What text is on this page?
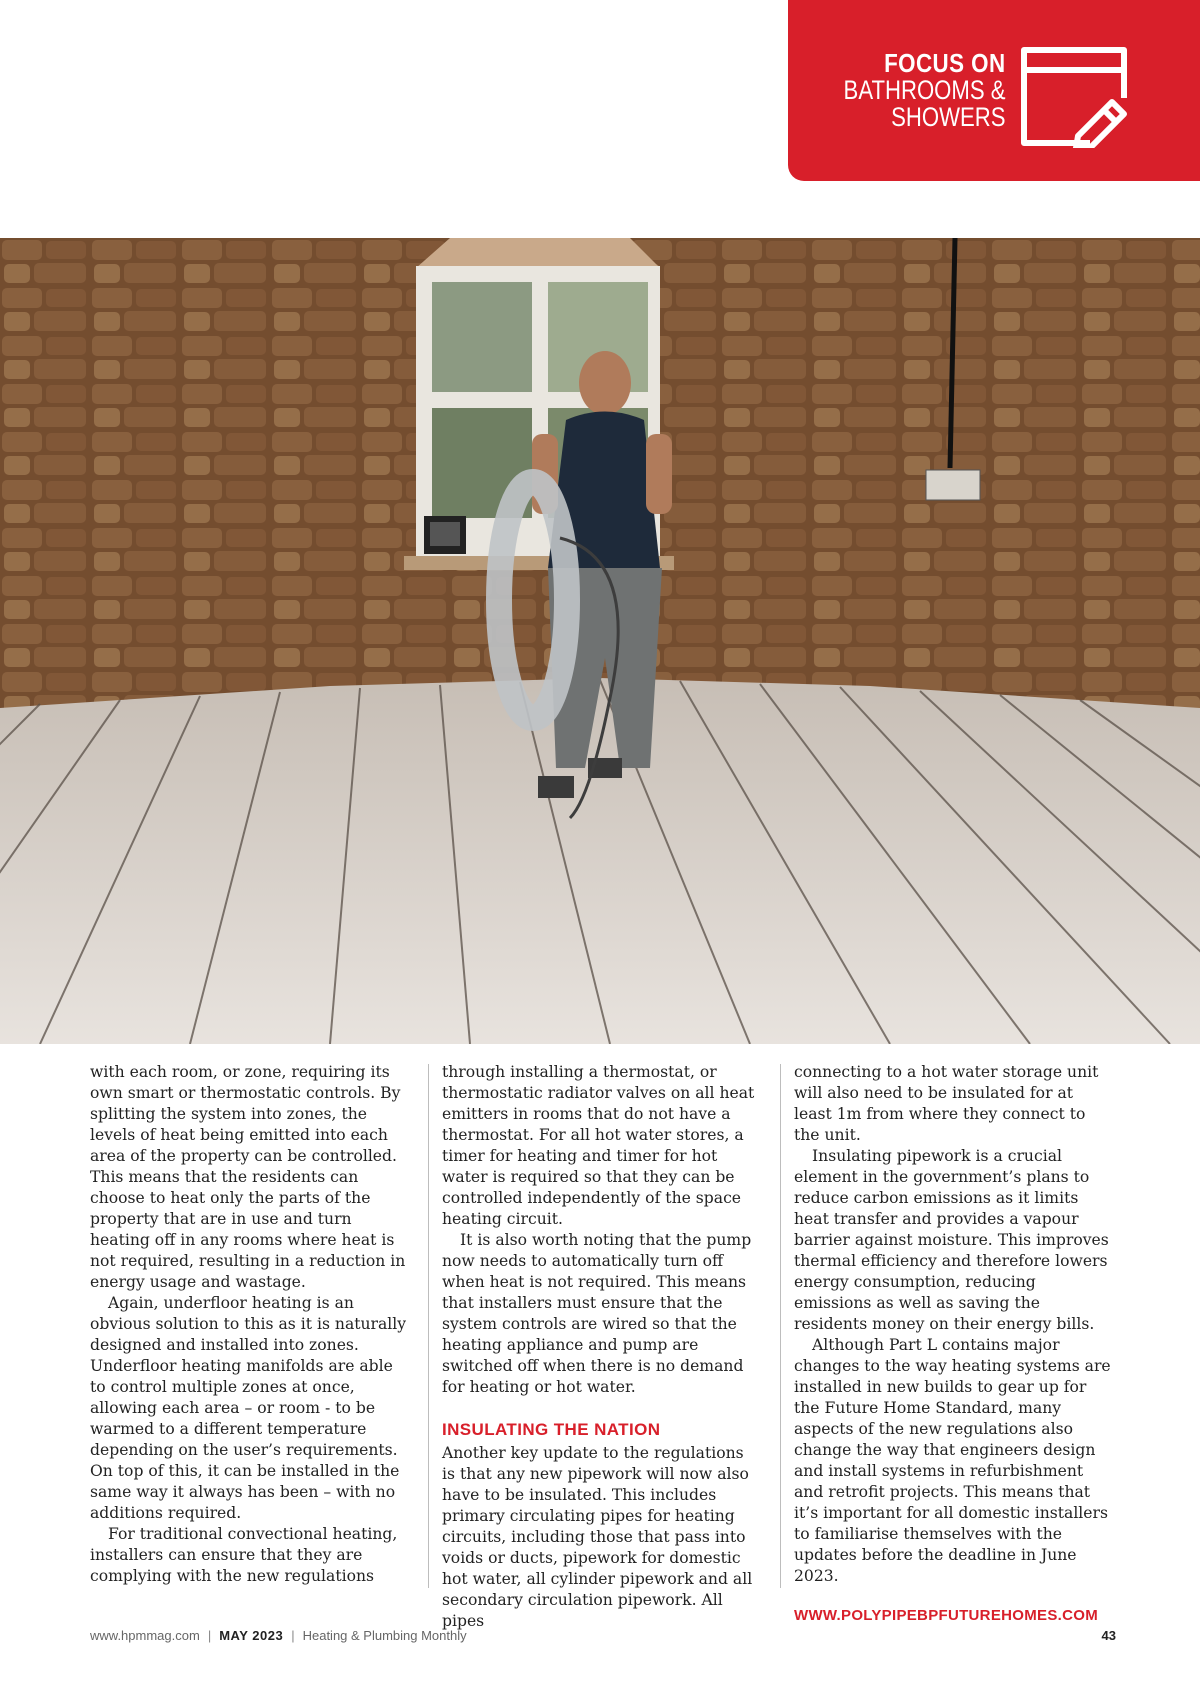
FOCUS ON
BATHROOMS &
SHOWERS

with each room, or zone, requiring its own smart or thermostatic controls. By splitting the system into zones, the levels of heat being emitted into each area of the property can be controlled. This means that the residents can choose to heat only the parts of the property that are in use and turn heating off in any rooms where heat is not required, resulting in a reduction in energy usage and wastage.

Again, underfloor heating is an obvious solution to this as it is naturally designed and installed into zones. Underfloor heating manifolds are able to control multiple zones at once, allowing each area – or room - to be warmed to a different temperature depending on the user’s requirements. On top of this, it can be installed in the same way it always has been – with no additions required.

For traditional convectional heating, installers can ensure that they are complying with the new regulations

through installing a thermostat, or thermostatic radiator valves on all heat emitters in rooms that do not have a thermostat. For all hot water stores, a timer for heating and timer for hot water is required so that they can be controlled independently of the space heating circuit.

It is also worth noting that the pump now needs to automatically turn off when heat is not required. This means that installers must ensure that the system controls are wired so that the heating appliance and pump are switched off when there is no demand for heating or hot water.

INSULATING THE NATION

Another key update to the regulations is that any new pipework will now also have to be insulated. This includes primary circulating pipes for heating circuits, including those that pass into voids or ducts, pipework for domestic hot water, all cylinder pipework and all secondary circulation pipework. All pipes

connecting to a hot water storage unit will also need to be insulated for at least 1m from where they connect to the unit.

Insulating pipework is a crucial element in the government’s plans to reduce carbon emissions as it limits heat transfer and provides a vapour barrier against moisture. This improves thermal efficiency and therefore lowers energy consumption, reducing emissions as well as saving the residents money on their energy bills.

Although Part L contains major changes to the way heating systems are installed in new builds to gear up for the Future Home Standard, many aspects of the new regulations also change the way that engineers design and install systems in refurbishment and retrofit projects. This means that it’s important for all domestic installers to familiarise themselves with the updates before the deadline in June 2023.

WWW.POLYPIPEBPFUTUREHOMES.COM
www.hpmmag.com | MAY 2023 | Heating & Plumbing Monthly	43
